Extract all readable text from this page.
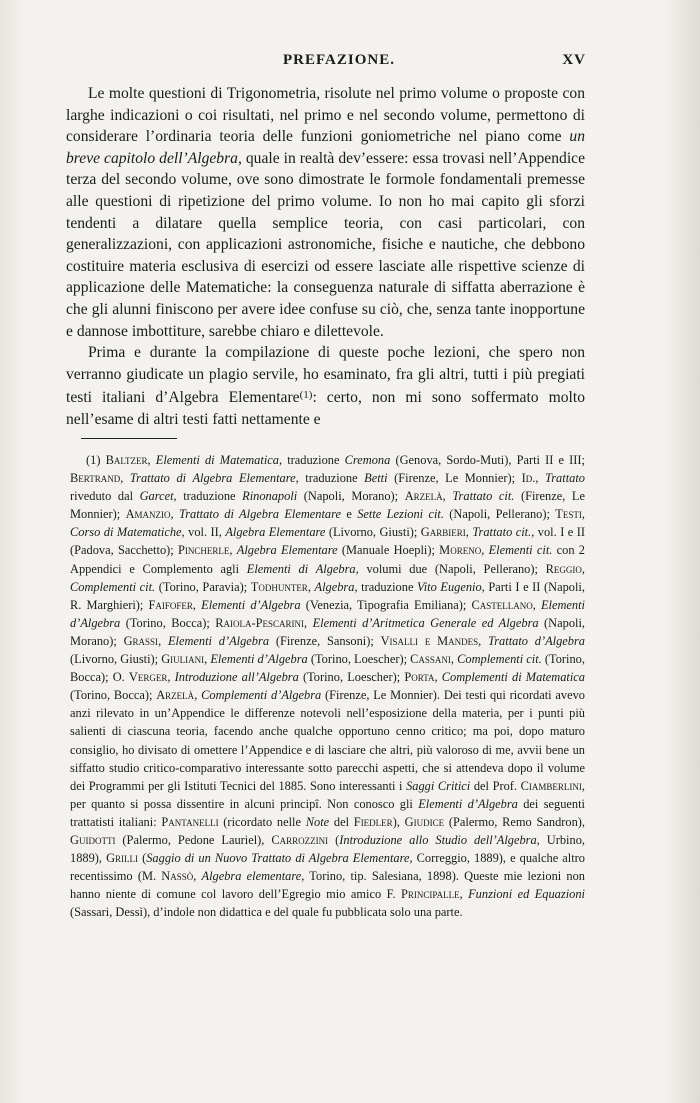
PREFAZIONE.	XV

Le molte questioni di Trigonometria, risolute nel primo volume o proposte con larghe indicazioni o coi risultati, nel primo e nel secondo volume, permettono di considerare l’ordinaria teoria delle funzioni goniometriche nel piano come un breve capitolo dell’Algebra, quale in realtà dev’essere: essa trovasi nell’Appendice terza del secondo volume, ove sono dimostrate le formole fondamentali premesse alle questioni di ripetizione del primo volume. Io non ho mai capito gli sforzi tendenti a dilatare quella semplice teoria, con casi particolari, con generalizzazioni, con applicazioni astronomiche, fisiche e nautiche, che debbono costituire materia esclusiva di esercizi od essere lasciate alle rispettive scienze di applicazione delle Matematiche: la conseguenza naturale di siffatta aberrazione è che gli alunni finiscono per avere idee confuse su ciò, che, senza tante inopportune e dannose imbottiture, sarebbe chiaro e dilettevole.

Prima e durante la compilazione di queste poche lezioni, che spero non verranno giudicate un plagio servile, ho esaminato, fra gli altri, tutti i più pregiati testi italiani d’Algebra Elementare$^{(1)}$: certo, non mi sono soffermato molto nell’esame di altri testi fatti nettamente e

(1) Baltzer, Elementi di Matematica, traduzione Cremona (Genova, Sordo-Muti), Parti II e III; Bertrand, Trattato di Algebra Elementare, traduzione Betti (Firenze, Le Monnier); Id., Trattato riveduto dal Garcet, traduzione Rinonapoli (Napoli, Morano); Arzelà, Trattato cit. (Firenze, Le Monnier); Amanzio, Trattato di Algebra Elementare e Sette Lezioni cit. (Napoli, Pellerano); Testi, Corso di Matematiche, vol. II, Algebra Elementare (Livorno, Giusti); Garbieri, Trattato cit., vol. I e II (Padova, Sacchetto); Pincherle, Algebra Elementare (Manuale Hoepli); Moreno, Elementi cit. con 2 Appendici e Complemento agli Elementi di Algebra, volumi due (Napoli, Pellerano); Reggio, Complementi cit. (Torino, Paravia); Todhunter, Algebra, traduzione Vito Eugenio, Parti I e II (Napoli, R. Marghieri); Faifofer, Elementi d’Algebra (Venezia, Tipografia Emiliana); Castellano, Elementi d’Algebra (Torino, Bocca); Raiola-Pescarini, Elementi d’Aritmetica Generale ed Algebra (Napoli, Morano); Grassi, Elementi d’Algebra (Firenze, Sansoni); Visalli e Mandes, Trattato d’Algebra (Livorno, Giusti); Giuliani, Elementi d’Algebra (Torino, Loescher); Cassani, Complementi cit. (Torino, Bocca); O. Verger, Introduzione all’Algebra (Torino, Loescher); Porta, Complementi di Matematica (Torino, Bocca); Arzelà, Complementi d’Algebra (Firenze, Le Monnier). Dei testi qui ricordati avevo anzi rilevato in un’Appendice le differenze notevoli nell’esposizione della materia, per i punti più salienti di ciascuna teoria, facendo anche qualche opportuno cenno critico; ma poi, dopo maturo consiglio, ho divisato di omettere l’Appendice e di lasciare che altri, più valoroso di me, avvii bene un siffatto studio critico-comparativo interessante sotto parecchi aspetti, che si attendeva dopo il volume dei Programmi per gli Istituti Tecnici del 1885. Sono interessanti i Saggi Critici del Prof. Ciamberlini, per quanto si possa dissentire in alcuni principî. Non conosco gli Elementi d’Algebra dei seguenti trattatisti italiani: Pantanelli (ricordato nelle Note del Fiedler), Giudice (Palermo, Remo Sandron), Guidotti (Palermo, Pedone Lauriel), Carrozzini (Introduzione allo Studio dell’Algebra, Urbino, 1889), Grilli (Saggio di un Nuovo Trattato di Algebra Elementare, Correggio, 1889), e qualche altro recentissimo (M. Nassò, Algebra elementare, Torino, tip. Salesiana, 1898). Queste mie lezioni non hanno niente di comune col lavoro dell’Egregio mio amico F. Principalle, Funzioni ed Equazioni (Sassari, Dessì), d’indole non didattica e del quale fu pubblicata solo una parte.
